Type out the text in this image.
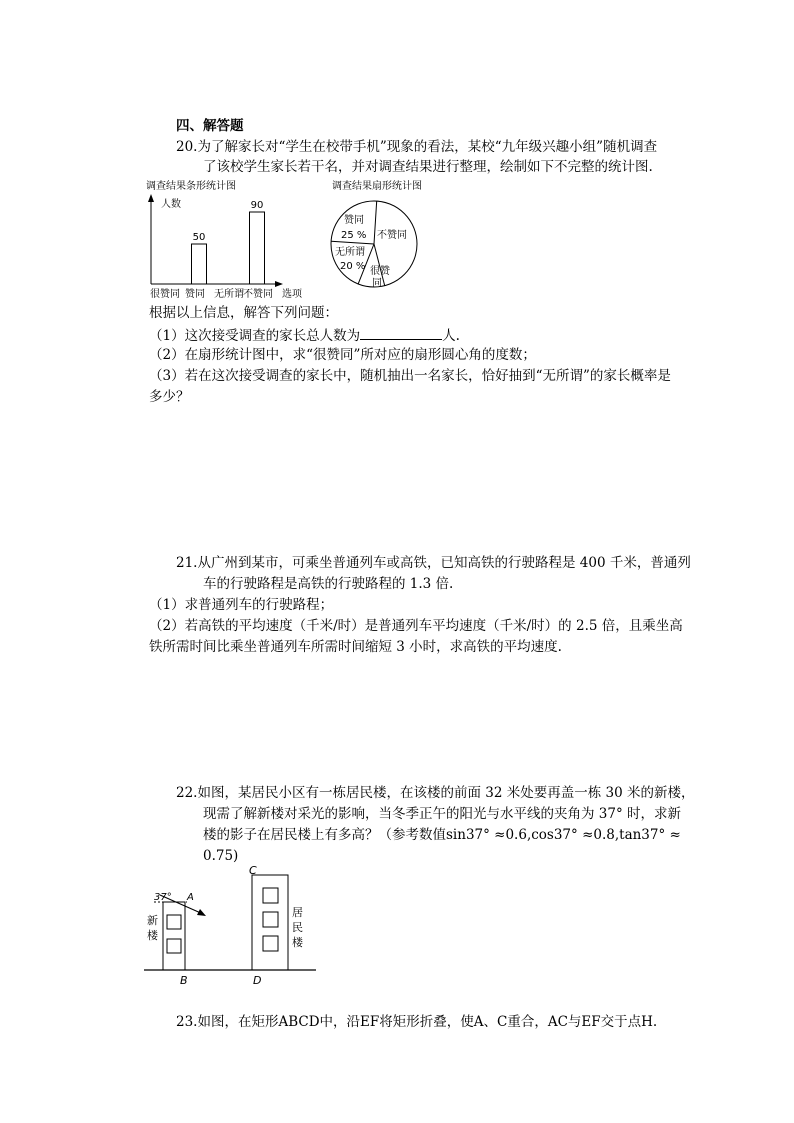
四、解答题
20.为了解家长对“学生在校带手机”现象的看法，某校“九年级兴趣小组”随机调查
了该校学生家长若干名，并对调查结果进行整理，绘制如下不完整的统计图.
调查结果条形统计图
人数
选项
50
90
很赞同 赞同 无所谓 不赞同
调查结果扇形统计图
赞同
25 % 不赞同
很赞
同
无所谓
20 %
根据以上信息，解答下列问题：
（1）这次接受调查的家长总人数为	人.
（2）在扇形统计图中，求“很赞同”所对应的扇形圆心角的度数；
（3）若在这次接受调查的家长中，随机抽出一名家长，恰好抽到“无所谓”的家长概率是
多少？
21.从广州到某市，可乘坐普通列车或高铁，已知高铁的行驶路程是 400 千米，普通列
车的行驶路程是高铁的行驶路程的 1.3 倍.
（1）求普通列车的行驶路程；
（2）若高铁的平均速度（千米/时）是普通列车平均速度（千米/时）的 2.5 倍，且乘坐高
铁所需时间比乘坐普通列车所需时间缩短 3 小时，求高铁的平均速度.
22.如图，某居民小区有一栋居民楼，在该楼的前面 32 米处要再盖一栋 30 米的新楼，
现需了解新楼对采光的影响，当冬季正午的阳光与水平线的夹角为 37° 时，求新
楼的影子在居民楼上有多高？（参考数值sin37° ≈0.6,cos37° ≈0.8,tan37° ≈
0.75)
37° A
B
C
D
新
楼
居
民
楼
23.如图，在矩形ABCD中，沿EF将矩形折叠，使A、C重合，AC与EF交于点H.
